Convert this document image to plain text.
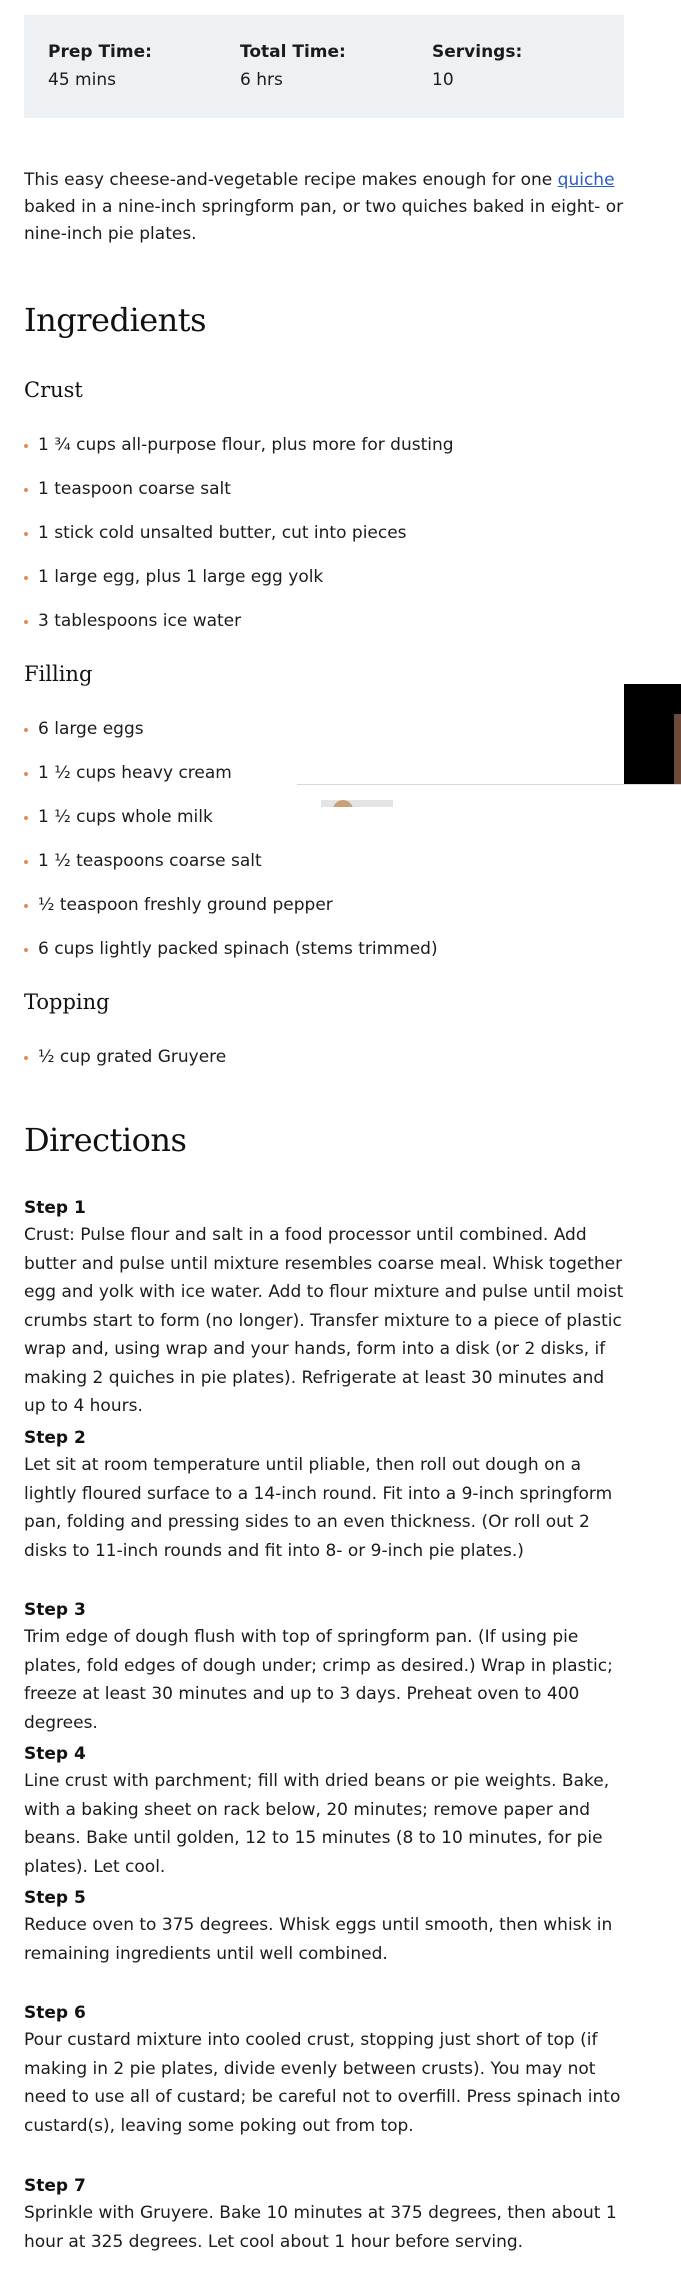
Prep Time:
45 mins
Total Time:
6 hrs
Servings:
10

This easy cheese-and-vegetable recipe makes enough for one quiche baked in a nine-inch springform pan, or two quiches baked in eight- or nine-inch pie plates.

Ingredients
Crust
1 ¾ cups all-purpose flour, plus more for dusting
1 teaspoon coarse salt
1 stick cold unsalted butter, cut into pieces
1 large egg, plus 1 large egg yolk
3 tablespoons ice water
Filling
6 large eggs
1 ½ cups heavy cream
1 ½ cups whole milk
1 ½ teaspoons coarse salt
½ teaspoon freshly ground pepper
6 cups lightly packed spinach (stems trimmed)
Topping
½ cup grated Gruyere
Directions
Step 1
Crust: Pulse flour and salt in a food processor until combined. Add butter and pulse until mixture resembles coarse meal. Whisk together egg and yolk with ice water. Add to flour mixture and pulse until moist crumbs start to form (no longer). Transfer mixture to a piece of plastic wrap and, using wrap and your hands, form into a disk (or 2 disks, if making 2 quiches in pie plates). Refrigerate at least 30 minutes and up to 4 hours.
Step 2
Let sit at room temperature until pliable, then roll out dough on a lightly floured surface to a 14-inch round. Fit into a 9-inch springform pan, folding and pressing sides to an even thickness. (Or roll out 2 disks to 11-inch rounds and fit into 8- or 9-inch pie plates.)
Step 3
Trim edge of dough flush with top of springform pan. (If using pie plates, fold edges of dough under; crimp as desired.) Wrap in plastic; freeze at least 30 minutes and up to 3 days. Preheat oven to 400 degrees.
Step 4
Line crust with parchment; fill with dried beans or pie weights. Bake, with a baking sheet on rack below, 20 minutes; remove paper and beans. Bake until golden, 12 to 15 minutes (8 to 10 minutes, for pie plates). Let cool.
Step 5
Reduce oven to 375 degrees. Whisk eggs until smooth, then whisk in remaining ingredients until well combined.
Step 6
Pour custard mixture into cooled crust, stopping just short of top (if making in 2 pie plates, divide evenly between crusts). You may not need to use all of custard; be careful not to overfill. Press spinach into custard(s), leaving some poking out from top.
Step 7
Sprinkle with Gruyere. Bake 10 minutes at 375 degrees, then about 1 hour at 325 degrees. Let cool about 1 hour before serving.
